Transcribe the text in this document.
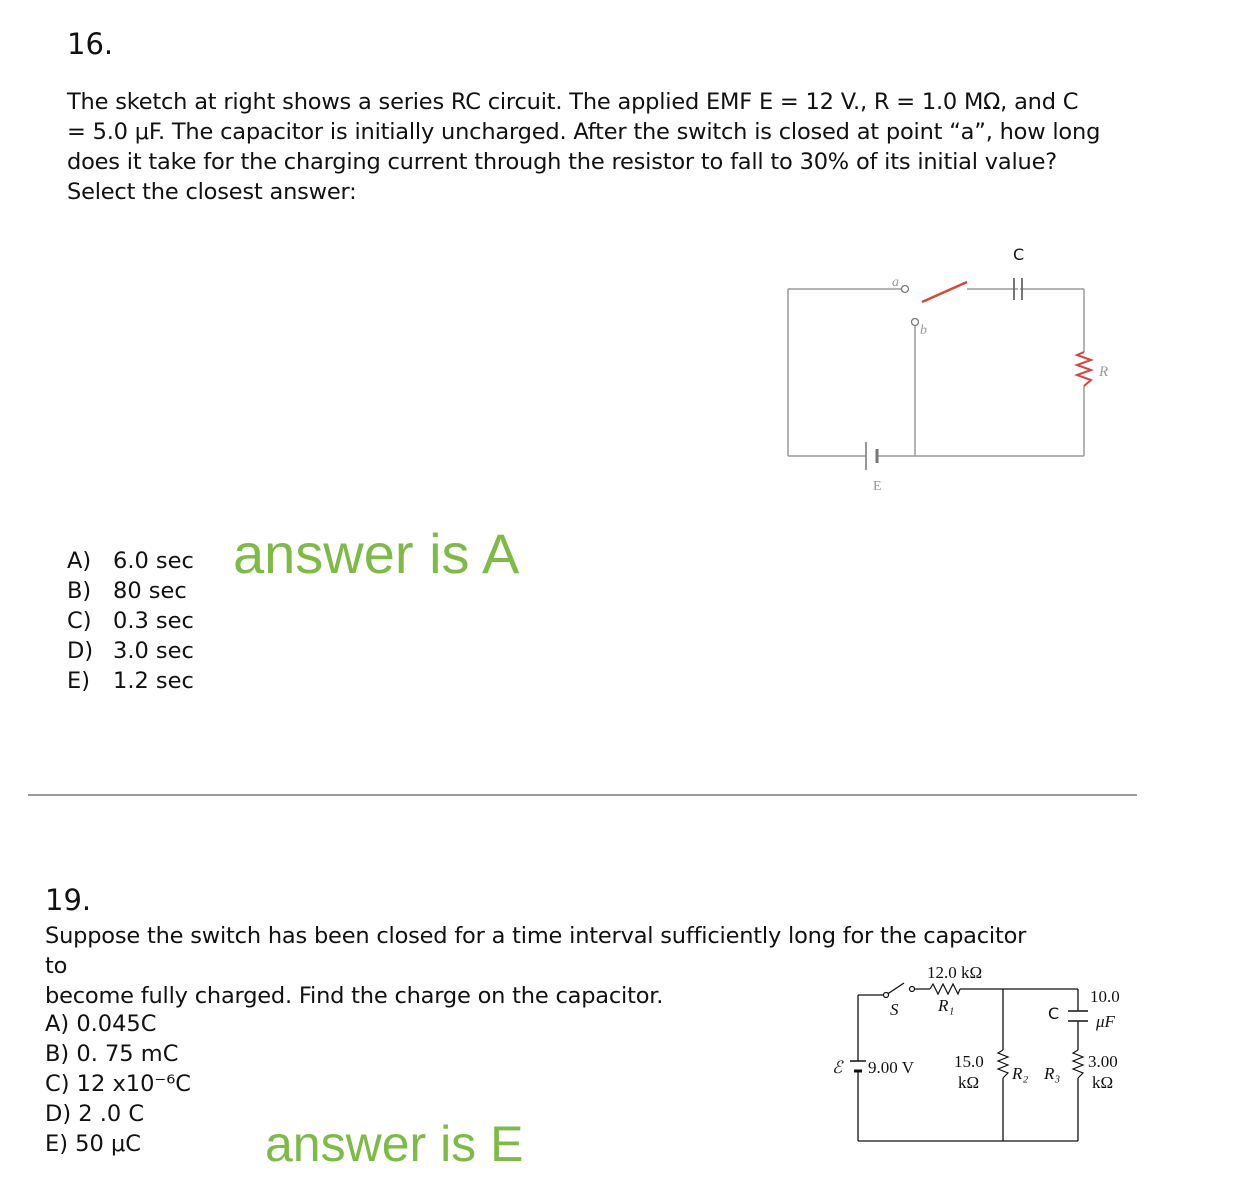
16.
The sketch at right shows a series RC circuit. The applied EMF E = 12 V., R = 1.0 MΩ, and C
= 5.0 μF. The capacitor is initially uncharged. After the switch is closed at point “a”, how long
does it take for the charging current through the resistor to fall to 30% of its initial value?
Select the closest answer:
C
a
b
R
E
A) 6.0 sec
B) 80 sec
C) 0.3 sec
D) 3.0 sec
E) 1.2 sec
answer is A
19.
Suppose the switch has been closed for a time interval sufficiently long for the capacitor to
become fully charged. Find the charge on the capacitor.
A) 0.045C
B) 0. 75 mC
C) 12 x10⁻⁶C
D) 2 .0 C
E) 50 μC	answer is E
12.0 kΩ
R₁
S
ℰ 9.00 V
C
10.0
μF
15.0
kΩ R₂ R₃
3.00
kΩ
